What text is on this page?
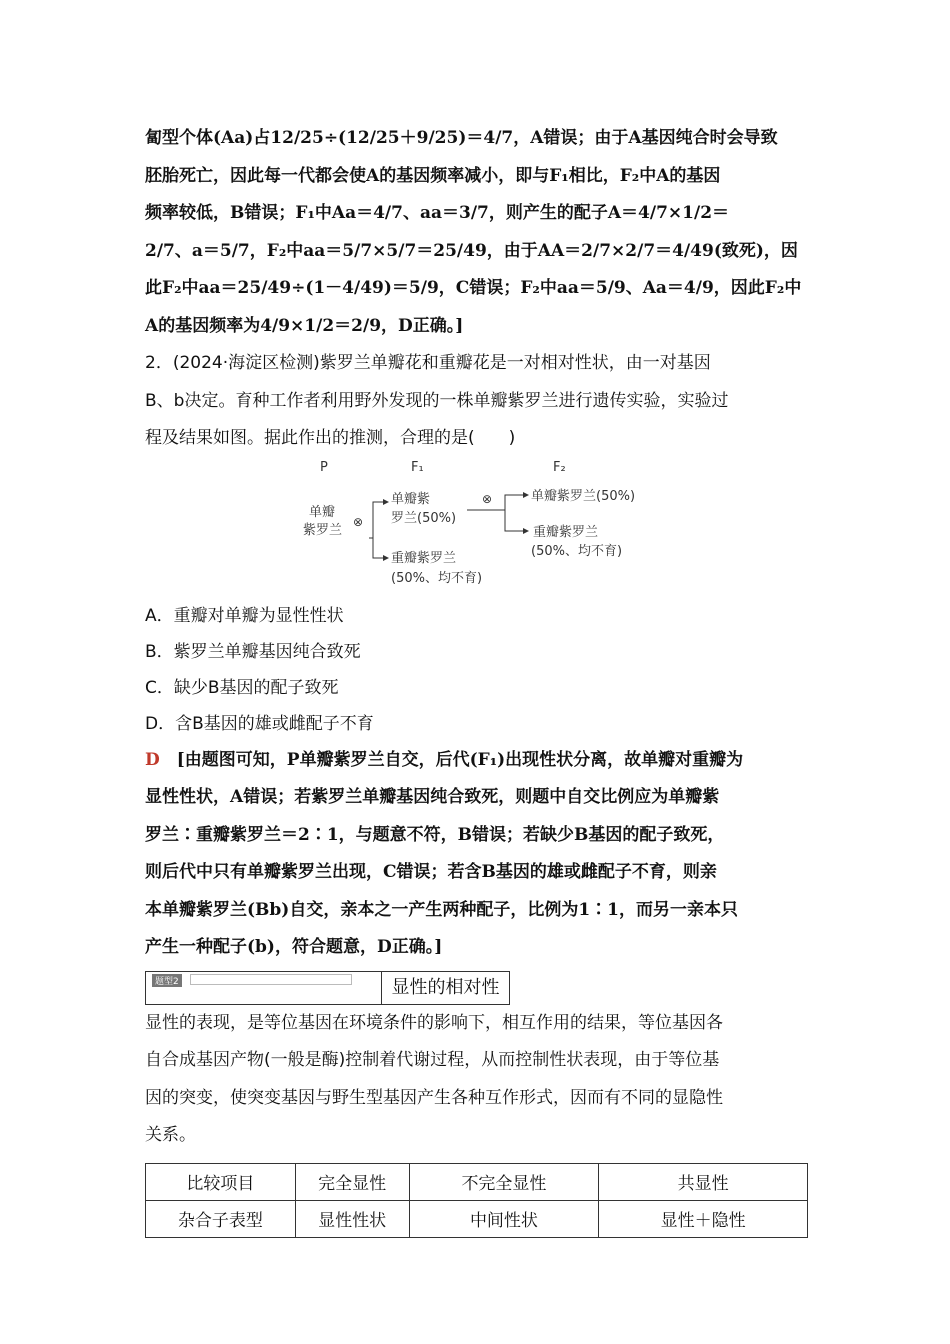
匐型个体(Aa)占12/25÷(12/25＋9/25)＝4/7，A错误；由于A基因纯合时会导致

胚胎死亡，因此每一代都会使A的基因频率减小，即与F₁相比，F₂中A的基因

频率较低，B错误；F₁中Aa＝4/7、aa＝3/7，则产生的配子A＝4/7×1/2＝

2/7、a＝5/7，F₂中aa＝5/7×5/7＝25/49，由于AA＝2/7×2/7＝4/49(致死)，因

此F₂中aa＝25/49÷(1－4/49)＝5/9，C错误；F₂中aa＝5/9、Aa＝4/9，因此F₂中

A的基因频率为4/9×1/2＝2/9，D正确。]

2．(2024·海淀区检测)紫罗兰单瓣花和重瓣花是一对相对性状，由一对基因

B、b决定。育种工作者利用野外发现的一株单瓣紫罗兰进行遗传实验，实验过

程及结果如图。据此作出的推测，合理的是(　　)

P	F₁	F₂
单瓣
紫罗兰
⊗
单瓣紫
罗兰(50%)
重瓣紫罗兰
(50%、均不育)
⊗	单瓣紫罗兰(50%)
重瓣紫罗兰
(50%、均不育)

A．重瓣对单瓣为显性性状

B．紫罗兰单瓣基因纯合致死

C．缺少B基因的配子致死

D．含B基因的雄或雌配子不育

D　 [由题图可知，P单瓣紫罗兰自交，后代(F₁)出现性状分离，故单瓣对重瓣为

显性性状，A错误；若紫罗兰单瓣基因纯合致死，则题中自交比例应为单瓣紫

罗兰∶重瓣紫罗兰＝2∶1，与题意不符，B错误；若缺少B基因的配子致死，

则后代中只有单瓣紫罗兰出现，C错误；若含B基因的雄或雌配子不育，则亲

本单瓣紫罗兰(Bb)自交，亲本之一产生两种配子，比例为1∶1，而另一亲本只

产生一种配子(b)，符合题意，D正确。]

题型2	显性的相对性

显性的表现，是等位基因在环境条件的影响下，相互作用的结果，等位基因各

自合成基因产物(一般是酶)控制着代谢过程，从而控制性状表现，由于等位基

因的突变，使突变基因与野生型基因产生各种互作形式，因而有不同的显隐性

关系。

比较项目	完全显性	不完全显性	共显性
杂合子表型	显性性状	中间性状	显性＋隐性
